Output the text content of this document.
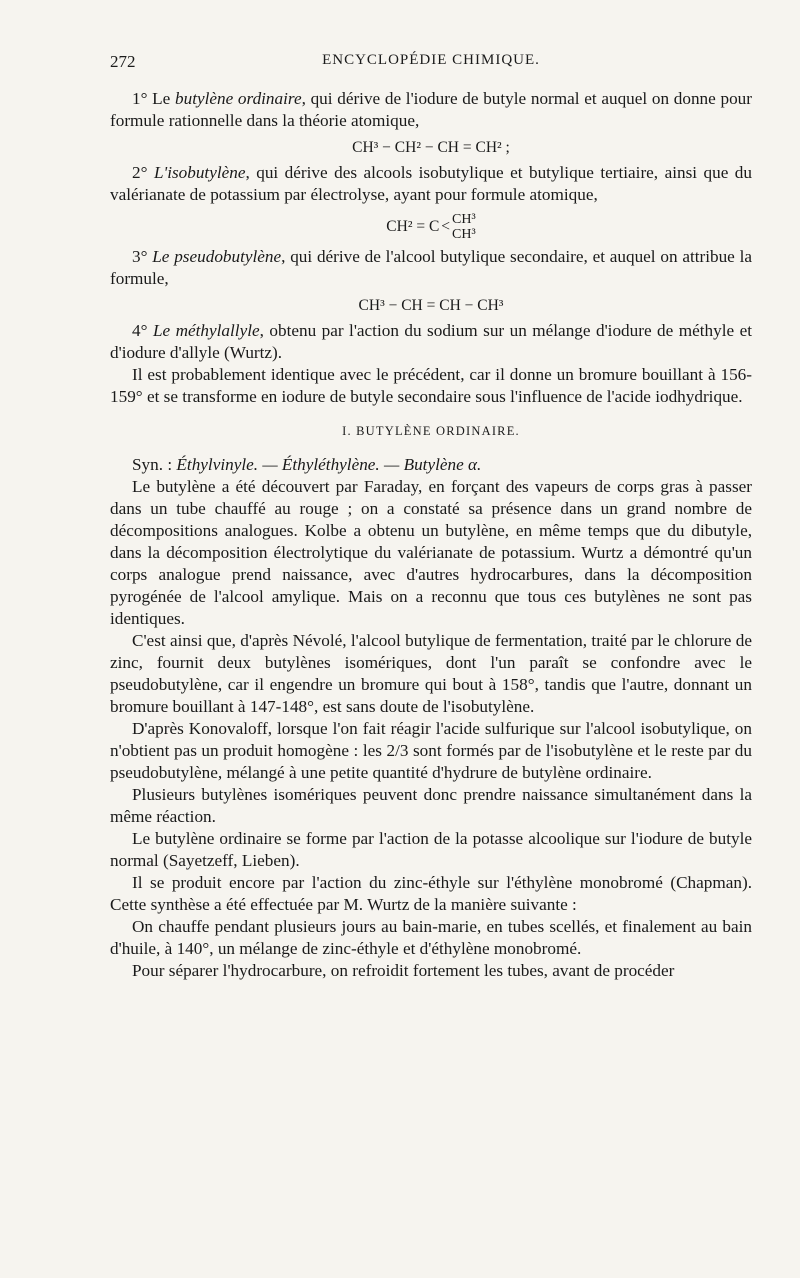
272	ENCYCLOPÉDIE CHIMIQUE.

1° Le butylène ordinaire, qui dérive de l'iodure de butyle normal et auquel on donne pour formule rationnelle dans la théorie atomique,

CH³ − CH² − CH = CH² ;

2° L'isobutylène, qui dérive des alcools isobutylique et butylique tertiaire, ainsi que du valérianate de potassium par électrolyse, ayant pour formule atomique,

CH² = C < CH³
CH³

3° Le pseudobutylène, qui dérive de l'alcool butylique secondaire, et auquel on attribue la formule,

CH³ − CH = CH − CH³

4° Le méthylallyle, obtenu par l'action du sodium sur un mélange d'iodure de méthyle et d'iodure d'allyle (Wurtz).

Il est probablement identique avec le précédent, car il donne un bromure bouillant à 156-159° et se transforme en iodure de butyle secondaire sous l'influence de l'acide iodhydrique.

I. BUTYLÈNE ORDINAIRE.

Syn. : Éthylvinyle. — Éthyléthylène. — Butylène α.

Le butylène a été découvert par Faraday, en forçant des vapeurs de corps gras à passer dans un tube chauffé au rouge ; on a constaté sa présence dans un grand nombre de décompositions analogues. Kolbe a obtenu un butylène, en même temps que du dibutyle, dans la décomposition électrolytique du valérianate de potassium. Wurtz a démontré qu'un corps analogue prend naissance, avec d'autres hydrocarbures, dans la décomposition pyrogénée de l'alcool amylique. Mais on a reconnu que tous ces butylènes ne sont pas identiques.

C'est ainsi que, d'après Névolé, l'alcool butylique de fermentation, traité par le chlorure de zinc, fournit deux butylènes isomériques, dont l'un paraît se confondre avec le pseudobutylène, car il engendre un bromure qui bout à 158°, tandis que l'autre, donnant un bromure bouillant à 147-148°, est sans doute de l'isobutylène.

D'après Konovaloff, lorsque l'on fait réagir l'acide sulfurique sur l'alcool isobutylique, on n'obtient pas un produit homogène : les 2/3 sont formés par de l'isobutylène et le reste par du pseudobutylène, mélangé à une petite quantité d'hydrure de butylène ordinaire.

Plusieurs butylènes isomériques peuvent donc prendre naissance simultanément dans la même réaction.

Le butylène ordinaire se forme par l'action de la potasse alcoolique sur l'iodure de butyle normal (Sayetzeff, Lieben).

Il se produit encore par l'action du zinc-éthyle sur l'éthylène monobromé (Chapman). Cette synthèse a été effectuée par M. Wurtz de la manière suivante :

On chauffe pendant plusieurs jours au bain-marie, en tubes scellés, et finalement au bain d'huile, à 140°, un mélange de zinc-éthyle et d'éthylène monobromé.

Pour séparer l'hydrocarbure, on refroidit fortement les tubes, avant de procéder
